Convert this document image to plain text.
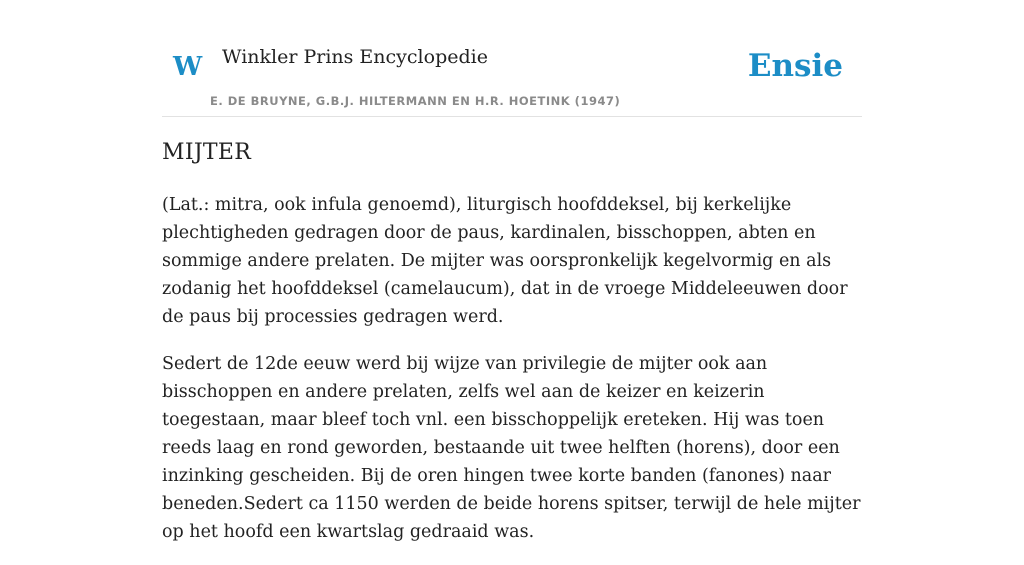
W Winkler Prins Encyclopedie
E. DE BRUYNE, G.B.J. HILTERMANN EN H.R. HOETINK (1947)
Ensie
MIJTER

(Lat.: mitra, ook infula genoemd), liturgisch hoofddeksel, bij kerkelijke plechtigheden gedragen door de paus, kardinalen, bisschoppen, abten en sommige andere prelaten. De mijter was oorspronkelijk kegelvormig en als zodanig het hoofddeksel (camelaucum), dat in de vroege Middeleeuwen door de paus bij processies gedragen werd.

Sedert de 12de eeuw werd bij wijze van privilegie de mijter ook aan bisschoppen en andere prelaten, zelfs wel aan de keizer en keizerin toegestaan, maar bleef toch vnl. een bisschoppelijk ereteken. Hij was toen reeds laag en rond geworden, bestaande uit twee helften (horens), door een inzinking gescheiden. Bij de oren hingen twee korte banden (fanones) naar beneden.Sedert ca 1150 werden de beide horens spitser, terwijl de hele mijter op het hoofd een kwartslag gedraaid was.
